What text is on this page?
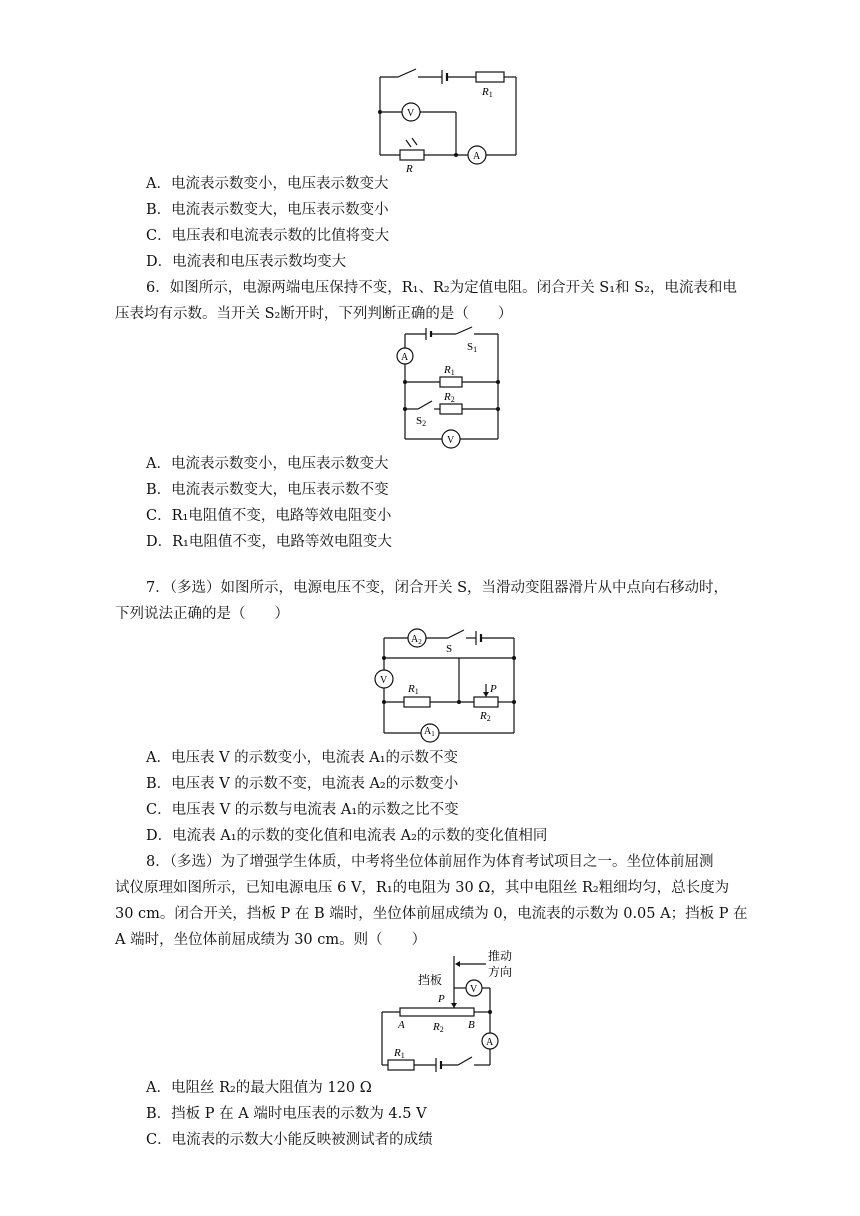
R1
R
V
A
A．电流表示数变小，电压表示数变大
B．电流表示数变大，电压表示数变小
C．电压表和电流表示数的比值将变大
D．电流表和电压表示数均变大
6．如图所示，电源两端电压保持不变，R₁、R₂为定值电阻。闭合开关 S₁和 S₂，电流表和电
压表均有示数。当开关 S₂断开时，下列判断正确的是（　　）
A
V
S1
R1
R2
S2
A．电流表示数变小，电压表示数变大
B．电流表示数变大，电压表示数不变
C．R₁电阻值不变，电路等效电阻变小
D．R₁电阻值不变，电路等效电阻变大
7．（多选）如图所示，电源电压不变，闭合开关 S，当滑动变阻器滑片从中点向右移动时，
下列说法正确的是（　　）
$A_2$
$A_1$
V
S
R1	P
R2
A．电压表 V 的示数变小，电流表 A₁的示数不变
B．电压表 V 的示数不变，电流表 A₂的示数变小
C．电压表 V 的示数与电流表 A₁的示数之比不变
D．电流表 A₁的示数的变化值和电流表 A₂的示数的变化值相同
8．（多选）为了增强学生体质，中考将坐位体前屈作为体育考试项目之一。坐位体前屈测
试仪原理如图所示，已知电源电压 6 V，R₁的电阻为 30 Ω，其中电阻丝 R₂粗细均匀，总长度为
30 cm。闭合开关，挡板 P 在 B 端时，坐位体前屈成绩为 0，电流表的示数为 0.05 A；挡板 P 在
A 端时，坐位体前屈成绩为 30 cm。则（　　）
挡板
推动
方向
V
A
P
A	B
R2
R1
A．电阻丝 R₂的最大阻值为 120 Ω
B．挡板 P 在 A 端时电压表的示数为 4.5 V
C．电流表的示数大小能反映被测试者的成绩
